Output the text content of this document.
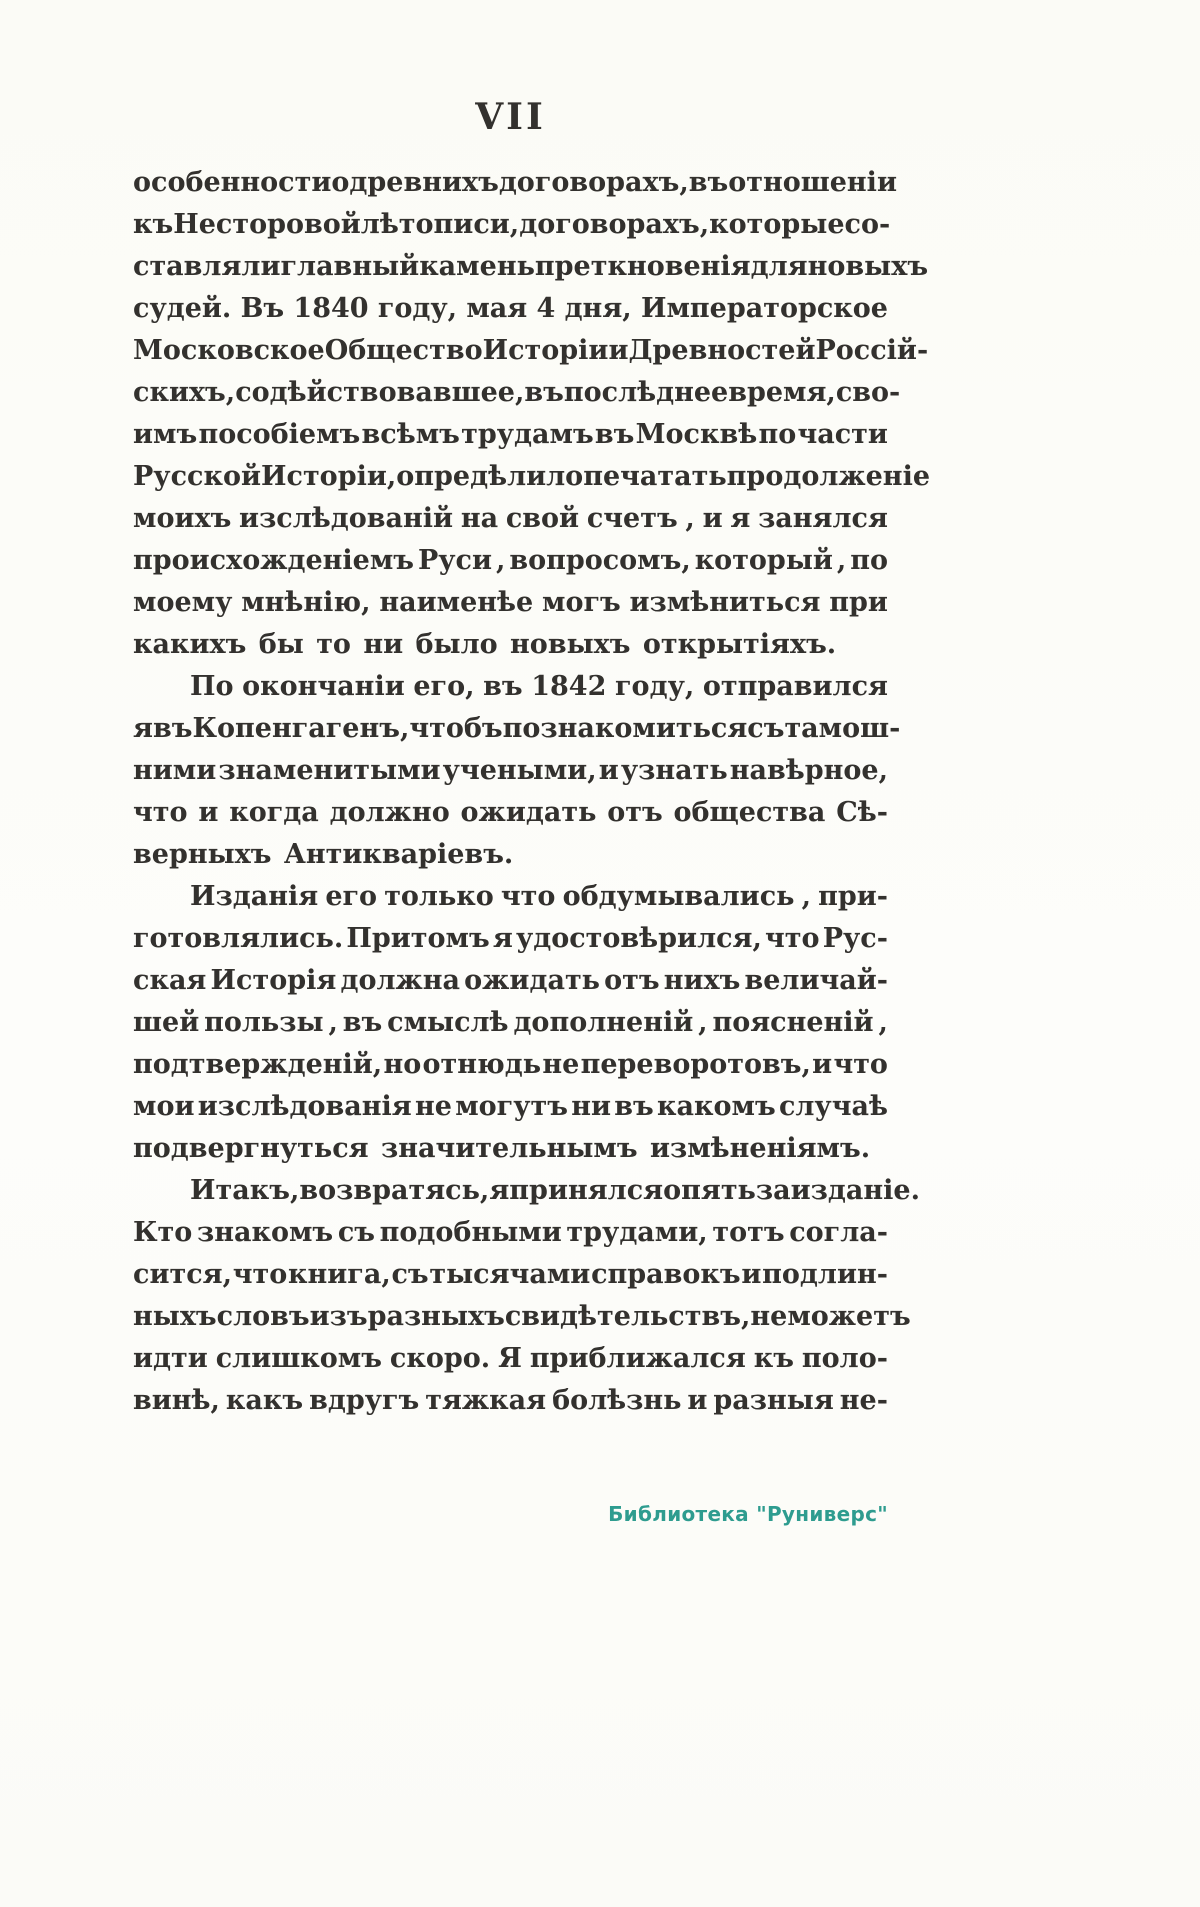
VII
особенности о древнихъ договорахъ, въ отношеніи
къ Несторовой лѣтописи, договорахъ, которые со-
ставляли главный камень преткновенія для новыхъ
судей. Въ 1840 году, мая 4 дня, Императорское
Московское Общество Исторіи и Древностей Россій-
скихъ, содѣйствовавшее, въ послѣднее время, сво-
имъ пособіемъ всѣмъ трудамъ въ Москвѣ по части
Русской Исторіи, опредѣлило печатать продолженіе
моихъ изслѣдованій на свой счетъ , и я занялся
происхожденіемъ Руси , вопросомъ, который , по
моему мнѣнію, наименѣе могъ измѣниться при
какихъ бы то ни было новыхъ открытіяхъ.
По окончаніи его, въ 1842 году, отправился
я въ Копенгагенъ, чтобъ познакомиться съ тамош-
ними знаменитыми учеными, и узнать навѣрное,
что и когда должно ожидать отъ общества Сѣ-
верныхъ Антикваріевъ.
Изданія его только что обдумывались , при-
готовлялись. Притомъ я удостовѣрился, что Рус-
ская Исторія должна ожидать отъ нихъ величай-
шей пользы , въ смыслѣ дополненій , поясненій ,
подтвержденій, но отнюдь не переворотовъ, и что
мои изслѣдованія не могутъ ни въ какомъ случаѣ
подвергнуться значительнымъ измѣненіямъ.
И такъ, возвратясь, я принялся опять за изданіе.
Кто знакомъ съ подобными трудами, тотъ согла-
сится, что книга, съ тысячами справокъ и подлин-
ныхъ словъ изъ разныхъ свидѣтельствъ, не можетъ
идти слишкомъ скоро. Я приближался къ поло-
винѣ, какъ вдругъ тяжкая болѣзнь и разныя не-
Библиотека "Руниверс"
